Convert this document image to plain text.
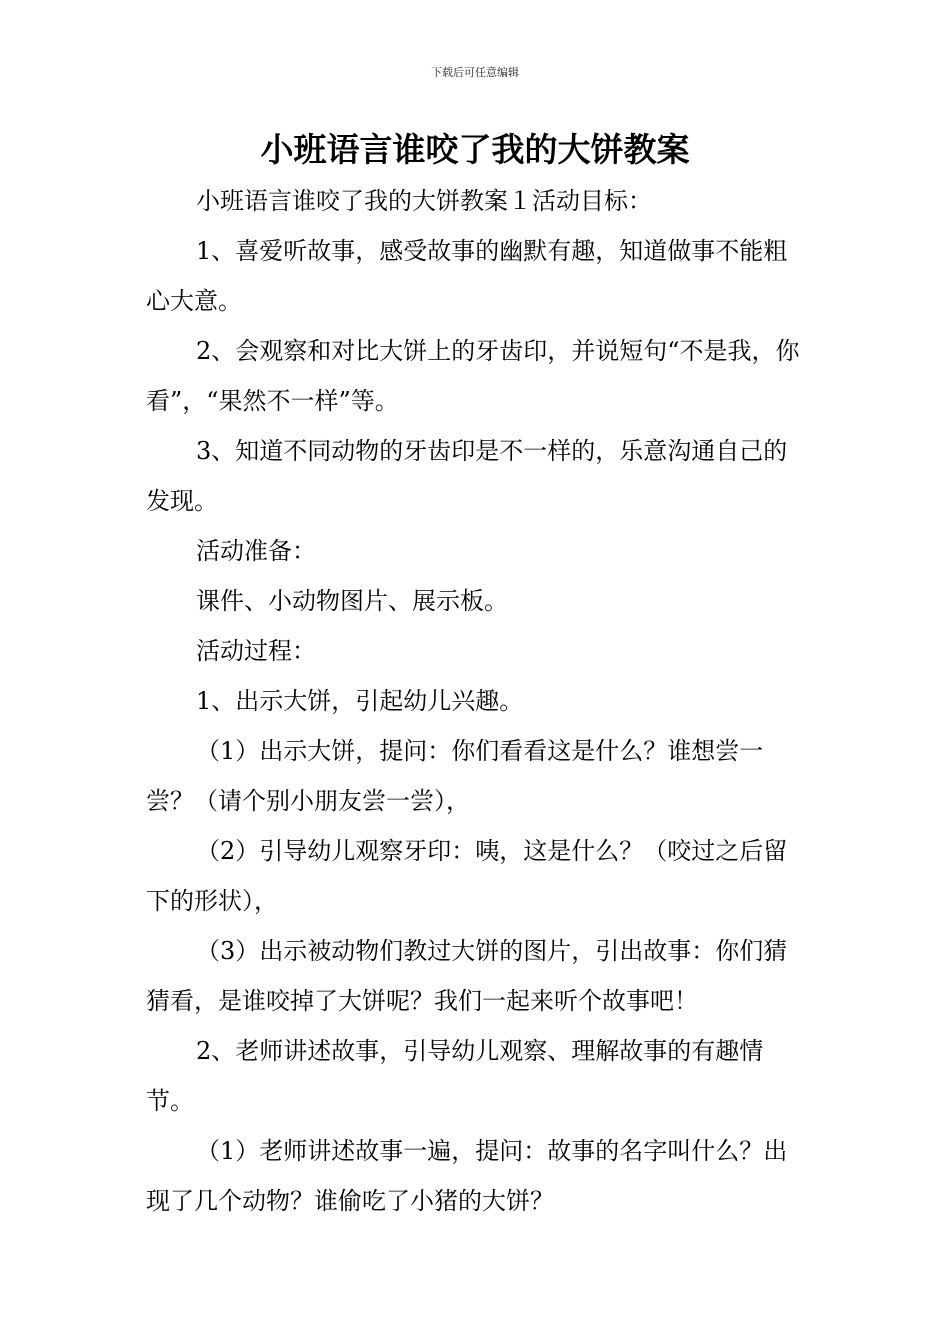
下载后可任意编辑
小班语言谁咬了我的大饼教案

小班语言谁咬了我的大饼教案１活动目标：

1、喜爱听故事，感受故事的幽默有趣，知道做事不能粗心大意。

2、会观察和对比大饼上的牙齿印，并说短句“不是我，你看”，“果然不一样”等。

3、知道不同动物的牙齿印是不一样的，乐意沟通自己的发现。

活动准备：

课件、小动物图片、展示板。

活动过程：

1、出示大饼，引起幼儿兴趣。

（1）出示大饼，提问：你们看看这是什么？谁想尝一尝？（请个别小朋友尝一尝），

（2）引导幼儿观察牙印：咦，这是什么？（咬过之后留下的形状），

（3）出示被动物们教过大饼的图片，引出故事：你们猜猜看，是谁咬掉了大饼呢？我们一起来听个故事吧！

2、老师讲述故事，引导幼儿观察、理解故事的有趣情节。

（1）老师讲述故事一遍，提问：故事的名字叫什么？出现了几个动物？谁偷吃了小猪的大饼？
